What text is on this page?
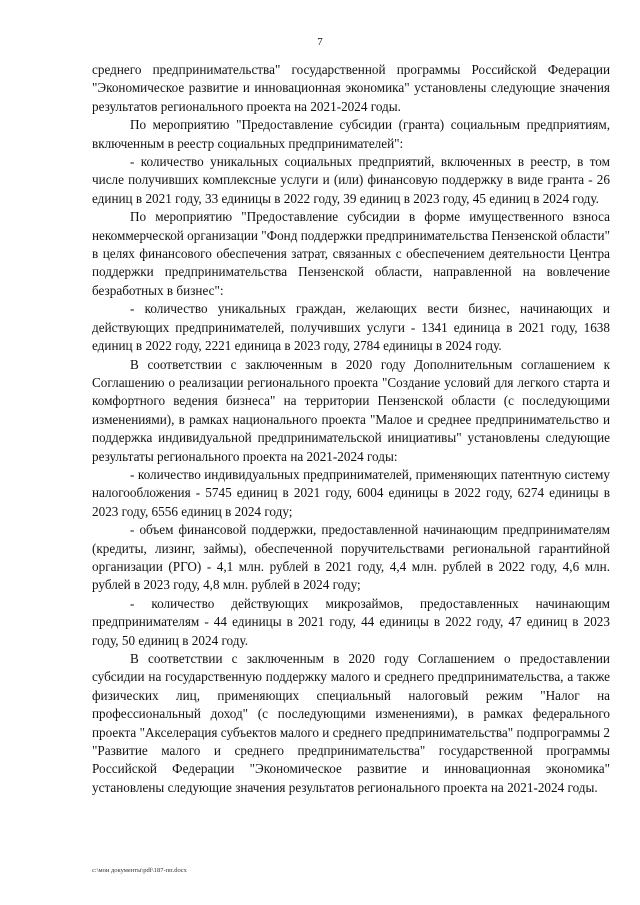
7

среднего предпринимательства" государственной программы Российской Федерации "Экономическое развитие и инновационная экономика" установлены следующие значения результатов регионального проекта на 2021-2024 годы.

По мероприятию "Предоставление субсидии (гранта) социальным предприятиям, включенным в реестр социальных предпринимателей":

- количество уникальных социальных предприятий, включенных в реестр, в том числе получивших комплексные услуги и (или) финансовую поддержку в виде гранта - 26 единиц в 2021 году, 33 единицы в 2022 году, 39 единиц в 2023 году, 45 единиц в 2024 году.

По мероприятию "Предоставление субсидии в форме имущественного взноса некоммерческой организации "Фонд поддержки предпринимательства Пензенской области" в целях финансового обеспечения затрат, связанных с обеспечением деятельности Центра поддержки предпринимательства Пензенской области, направленной на вовлечение безработных в бизнес":

- количество уникальных граждан, желающих вести бизнес, начинающих и действующих предпринимателей, получивших услуги - 1341 единица в 2021 году, 1638 единиц в 2022 году, 2221 единица в 2023 году, 2784 единицы в 2024 году.

В соответствии с заключенным в 2020 году Дополнительным соглашением к Соглашению о реализации регионального проекта "Создание условий для легкого старта и комфортного ведения бизнеса" на территории Пензенской области (с последующими изменениями), в рамках национального проекта "Малое и среднее предпринимательство и поддержка индивидуальной предпринимательской инициативы" установлены следующие результаты регионального проекта на 2021-2024 годы:

- количество индивидуальных предпринимателей, применяющих патентную систему налогообложения - 5745 единиц в 2021 году, 6004 единицы в 2022 году, 6274 единицы в 2023 году, 6556 единиц в 2024 году;

- объем финансовой поддержки, предоставленной начинающим предпринимателям (кредиты, лизинг, займы), обеспеченной поручительствами региональной гарантийной организации (РГО) - 4,1 млн. рублей в 2021 году, 4,4 млн. рублей в 2022 году, 4,6 млн. рублей в 2023 году, 4,8 млн. рублей в 2024 году;

- количество действующих микрозаймов, предоставленных начинающим предпринимателям - 44 единицы в 2021 году, 44 единицы в 2022 году, 47 единиц в 2023 году, 50 единиц в 2024 году.

В соответствии с заключенным в 2020 году Соглашением о предоставлении субсидии на государственную поддержку малого и среднего предпринимательства, а также физических лиц, применяющих специальный налоговый режим "Налог на профессиональный доход" (с последующими изменениями), в рамках федерального проекта "Акселерация субъектов малого и среднего предпринимательства" подпрограммы 2 "Развитие малого и среднего предпринимательства" государственной программы Российской Федерации "Экономическое развитие и инновационная экономика" установлены следующие значения результатов регионального проекта на 2021-2024 годы.

c:\мои документы\pdf\187-пп.docx
